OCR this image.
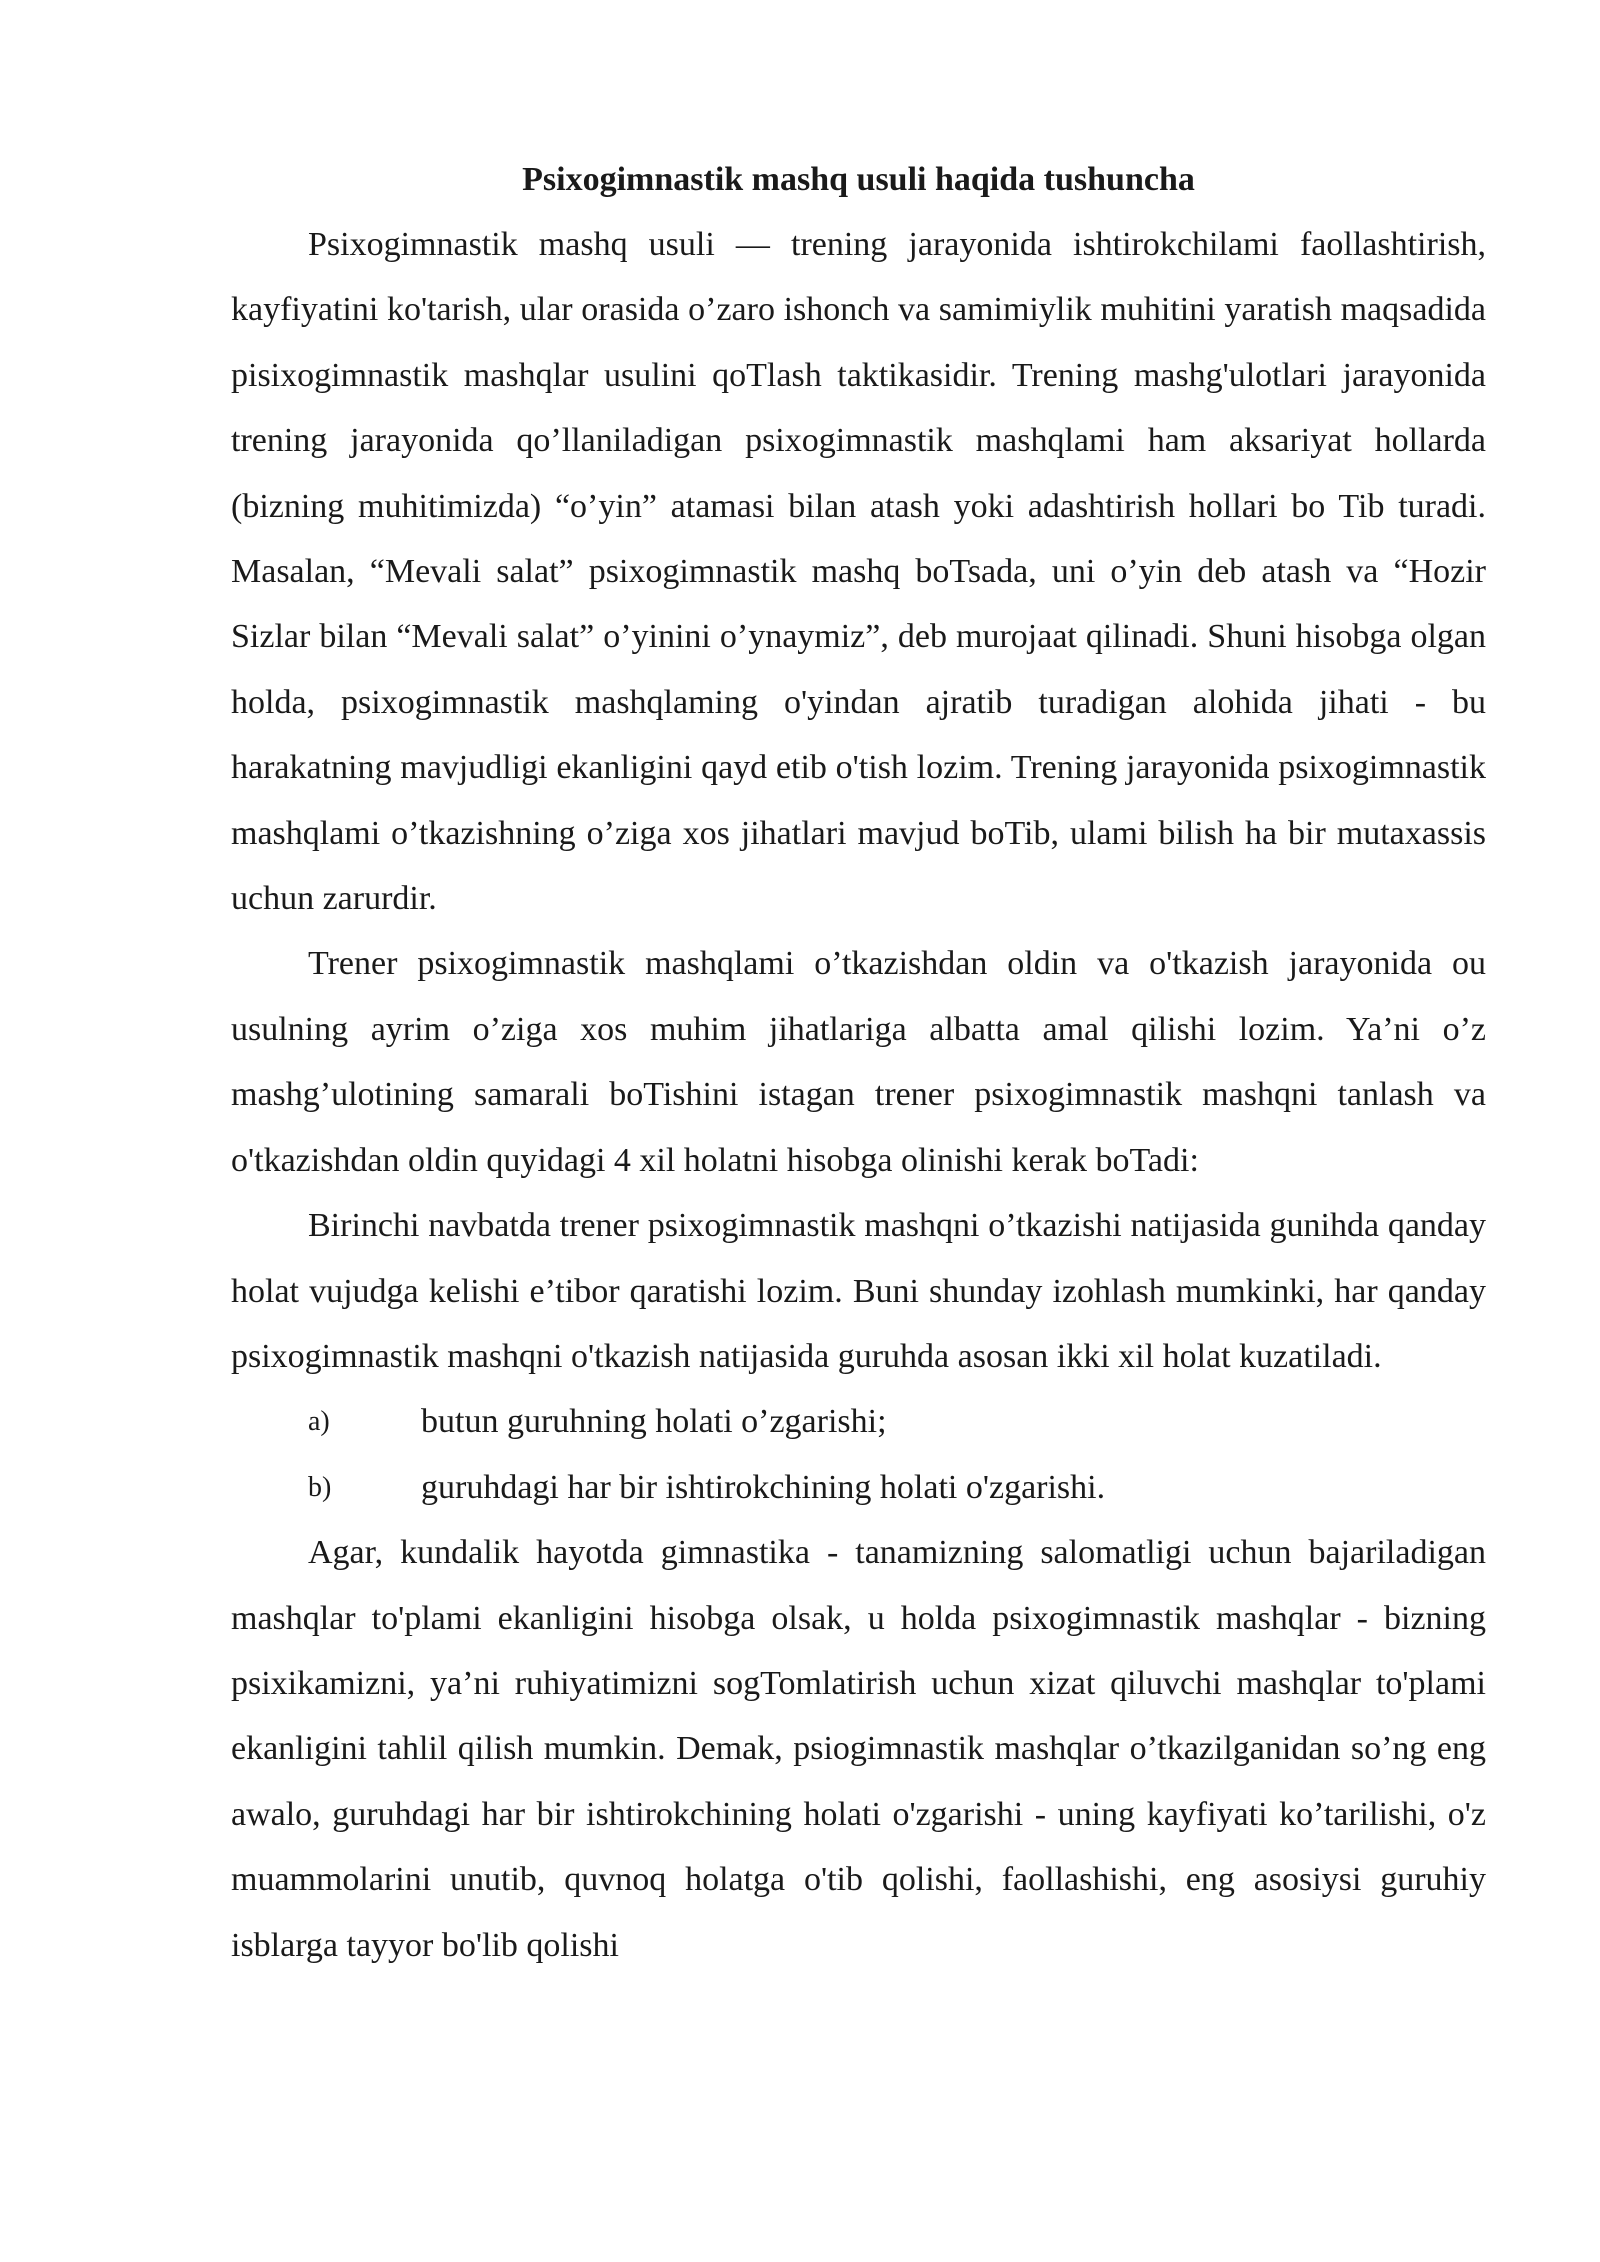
Psixogimnastik mashq usuli haqida tushuncha

Psixogimnastik mashq usuli — trening jarayonida ishtirokchilami faollashtirish, kayfiyatini ko'tarish, ular orasida o’zaro ishonch va samimiylik muhitini yaratish maqsadida pisixogimnastik mashqlar usulini qoTlash taktikasidir. Trening mashg'ulotlari jarayonida trening jarayonida qo’llaniladigan psixogimnastik mashqlami ham aksariyat hollarda (bizning muhitimizda) “o’yin” atamasi bilan atash yoki adashtirish hollari bo Tib turadi. Masalan, “Mevali salat” psixogimnastik mashq boTsada, uni o’yin deb atash va “Hozir Sizlar bilan “Mevali salat” o’yinini o’ynaymiz”, deb murojaat qilinadi. Shuni hisobga olgan holda, psixogimnastik mashqlaming o'yindan ajratib turadigan alohida jihati - bu harakatning mavjudligi ekanligini qayd etib o'tish lozim. Trening jarayonida psixogimnastik mashqlami o’tkazishning o’ziga xos jihatlari mavjud boTib, ulami bilish ha bir mutaxassis uchun zarurdir.

Trener psixogimnastik mashqlami o’tkazishdan oldin va o'tkazish jarayonida ou usulning ayrim o’ziga xos muhim jihatlariga albatta amal qilishi lozim. Ya’ni o’z mashg’ulotining samarali boTishini istagan trener psixogimnastik mashqni tanlash va o'tkazishdan oldin quyidagi 4 xil holatni hisobga olinishi kerak boTadi:

Birinchi navbatda trener psixogimnastik mashqni o’tkazishi natijasida gunihda qanday holat vujudga kelishi e’tibor qaratishi lozim. Buni shunday izohlash mumkinki, har qanday psixogimnastik mashqni o'tkazish natijasida guruhda asosan ikki xil holat kuzatiladi.

a)	butun guruhning holati o’zgarishi;
b)	guruhdagi har bir ishtirokchining holati o'zgarishi.

Agar, kundalik hayotda gimnastika - tanamizning salomatligi uchun bajariladigan mashqlar to'plami ekanligini hisobga olsak, u holda psixogimnastik mashqlar - bizning psixikamizni, ya’ni ruhiyatimizni sogTomlatirish uchun xizat qiluvchi mashqlar to'plami ekanligini tahlil qilish mumkin. Demak, psiogimnastik mashqlar o’tkazilganidan so’ng eng awalo, guruhdagi har bir ishtirokchining holati o'zgarishi - uning kayfiyati ko’tarilishi, o'z muammolarini unutib, quvnoq holatga o'tib qolishi, faollashishi, eng asosiysi guruhiy isblarga tayyor bo'lib qolishi
